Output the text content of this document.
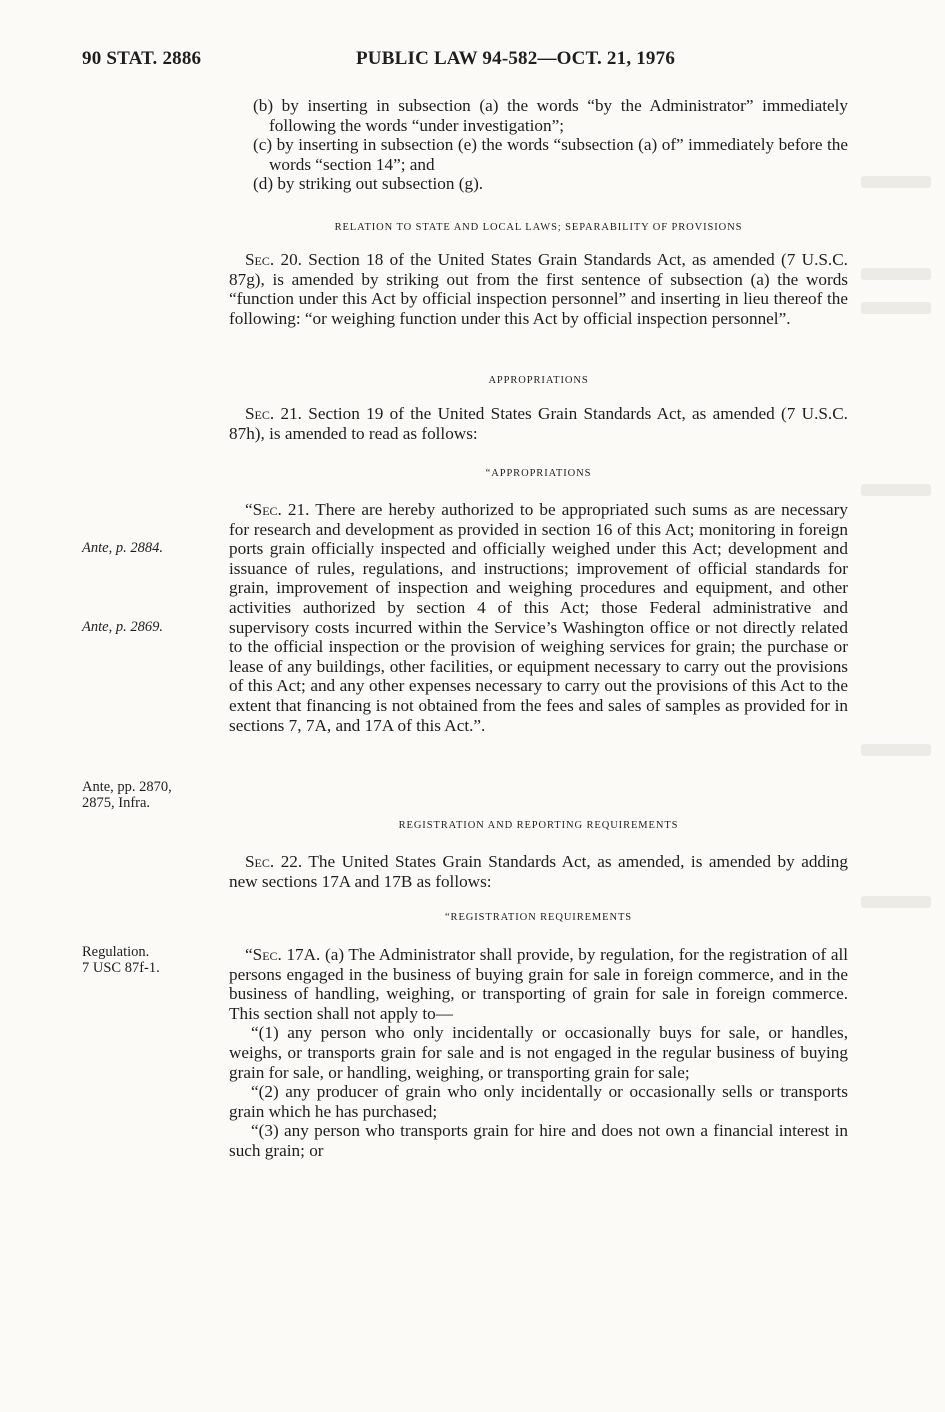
90 STAT. 2886	PUBLIC LAW 94-582—OCT. 21, 1976

(b) by inserting in subsection (a) the words “by the Administrator” immediately following the words “under investigation”;

(c) by inserting in subsection (e) the words “subsection (a) of” immediately before the words “section 14”; and

(d) by striking out subsection (g).

RELATION TO STATE AND LOCAL LAWS; SEPARABILITY OF PROVISIONS

Sec. 20. Section 18 of the United States Grain Standards Act, as amended (7 U.S.C. 87g), is amended by striking out from the first sentence of subsection (a) the words “function under this Act by official inspection personnel” and inserting in lieu thereof the following: “or weighing function under this Act by official inspection personnel”.

APPROPRIATIONS

Sec. 21. Section 19 of the United States Grain Standards Act, as amended (7 U.S.C. 87h), is amended to read as follows:

“APPROPRIATIONS

“Sec. 21. There are hereby authorized to be appropriated such sums as are necessary for research and development as provided in section 16 of this Act; monitoring in foreign ports grain officially inspected and officially weighed under this Act; development and issuance of rules, regulations, and instructions; improvement of official standards for grain, improvement of inspection and weighing procedures and equipment, and other activities authorized by section 4 of this Act; those Federal administrative and supervisory costs incurred within the Service’s Washington office or not directly related to the official inspection or the provision of weighing services for grain; the purchase or lease of any buildings, other facilities, or equipment necessary to carry out the provisions of this Act; and any other expenses necessary to carry out the provisions of this Act to the extent that financing is not obtained from the fees and sales of samples as provided for in sections 7, 7A, and 17A of this Act.”.

REGISTRATION AND REPORTING REQUIREMENTS

Sec. 22. The United States Grain Standards Act, as amended, is amended by adding new sections 17A and 17B as follows:

“REGISTRATION REQUIREMENTS

“Sec. 17A. (a) The Administrator shall provide, by regulation, for the registration of all persons engaged in the business of buying grain for sale in foreign commerce, and in the business of handling, weighing, or transporting of grain for sale in foreign commerce. This section shall not apply to—

“(1) any person who only incidentally or occasionally buys for sale, or handles, weighs, or transports grain for sale and is not engaged in the regular business of buying grain for sale, or handling, weighing, or transporting grain for sale;

“(2) any producer of grain who only incidentally or occasionally sells or transports grain which he has purchased;

“(3) any person who transports grain for hire and does not own a financial interest in such grain; or

Ante, p. 2884.
Ante, p. 2869.
Ante, pp. 2870,
2875, Infra.
Regulation.
7 USC 87f-1.
